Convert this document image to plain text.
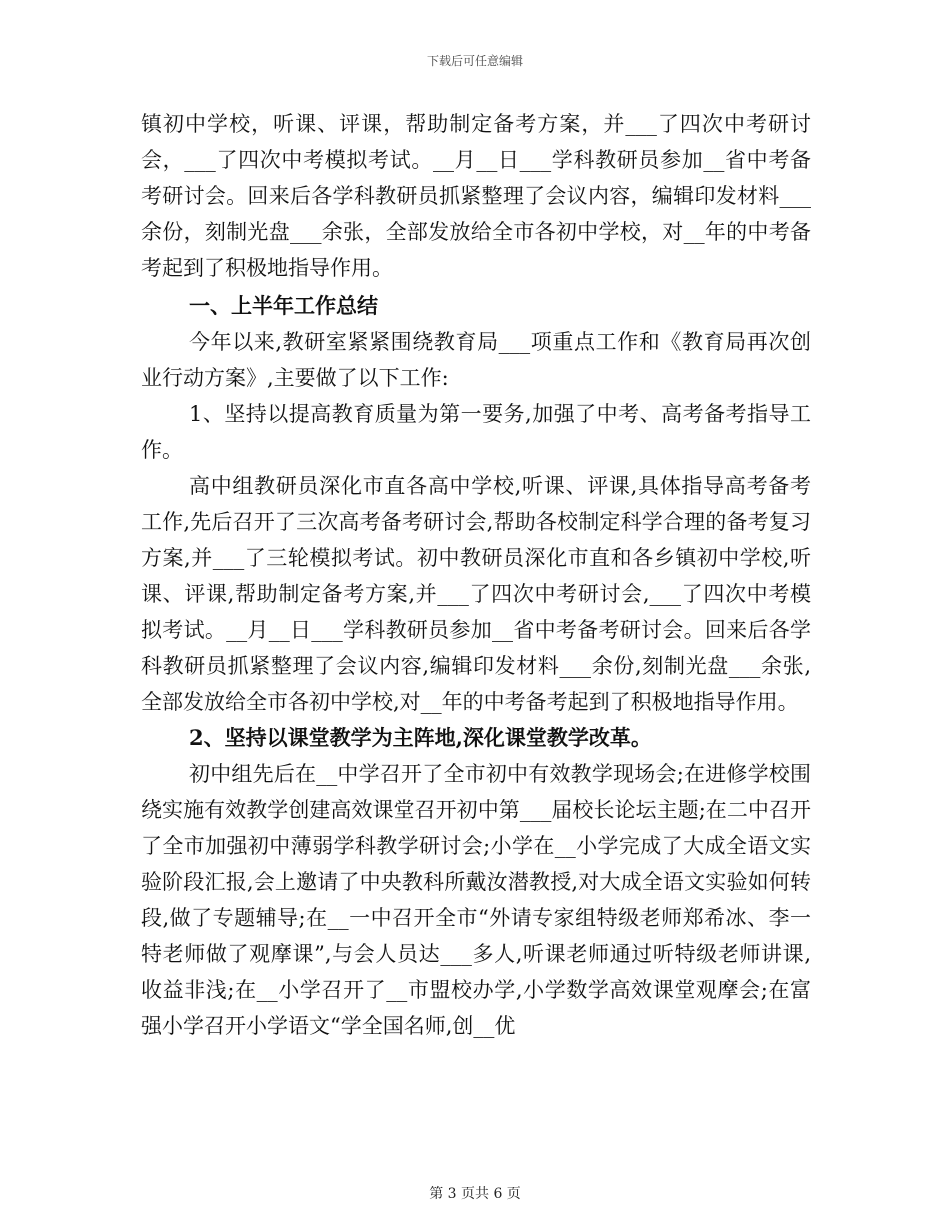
下载后可任意编辑

镇初中学校，听课、评课，帮助制定备考方案，并___了四次中考研讨会，___了四次中考模拟考试。__月__日___学科教研员参加__省中考备考研讨会。回来后各学科教研员抓紧整理了会议内容，编辑印发材料___余份，刻制光盘___余张，全部发放给全市各初中学校，对__年的中考备考起到了积极地指导作用。

一、上半年工作总结

今年以来,教研室紧紧围绕教育局___项重点工作和《教育局再次创业行动方案》,主要做了以下工作:

1、坚持以提高教育质量为第一要务,加强了中考、高考备考指导工作。

高中组教研员深化市直各高中学校,听课、评课,具体指导高考备考工作,先后召开了三次高考备考研讨会,帮助各校制定科学合理的备考复习方案,并___了三轮模拟考试。初中教研员深化市直和各乡镇初中学校,听课、评课,帮助制定备考方案,并___了四次中考研讨会,___了四次中考模拟考试。__月__日___学科教研员参加__省中考备考研讨会。回来后各学科教研员抓紧整理了会议内容,编辑印发材料___余份,刻制光盘___余张,全部发放给全市各初中学校,对__年的中考备考起到了积极地指导作用。

2、坚持以课堂教学为主阵地,深化课堂教学改革。

初中组先后在__中学召开了全市初中有效教学现场会;在进修学校围绕实施有效教学创建高效课堂召开初中第___届校长论坛主题;在二中召开了全市加强初中薄弱学科教学研讨会;小学在__小学完成了大成全语文实验阶段汇报,会上邀请了中央教科所戴汝潜教授,对大成全语文实验如何转段,做了专题辅导;在__一中召开全市“外请专家组特级老师郑希冰、李一特老师做了观摩课”,与会人员达___多人,听课老师通过听特级老师讲课,收益非浅;在__小学召开了__市盟校办学,小学数学高效课堂观摩会;在富强小学召开小学语文“学全国名师,创__优

第 3 页共 6 页
